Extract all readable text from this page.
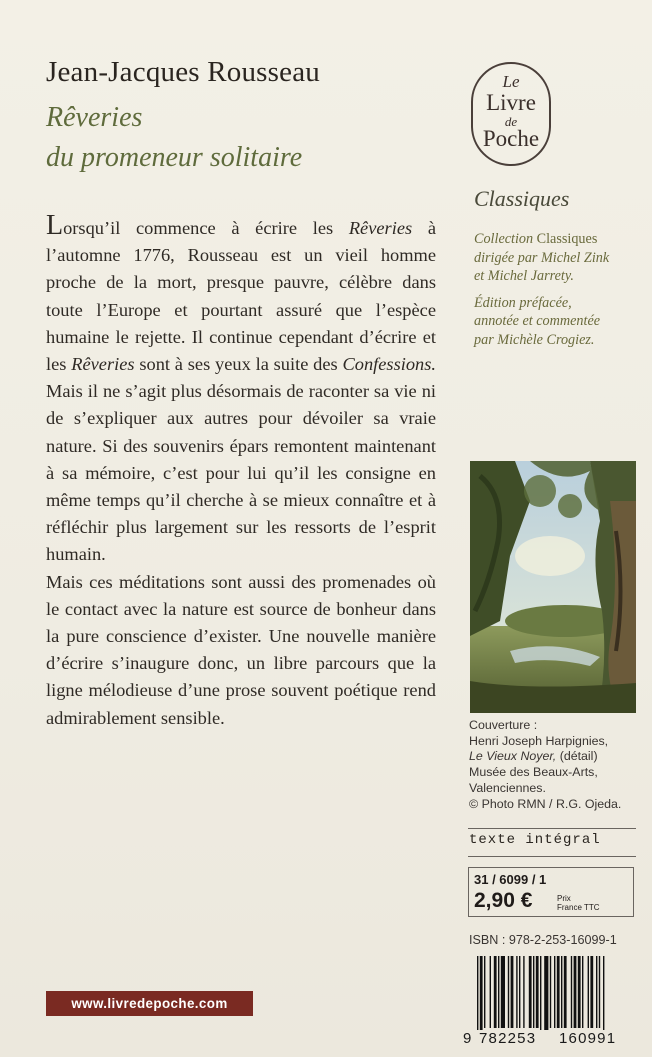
Jean-Jacques Rousseau
Rêveries
du promeneur solitaire

Lorsqu’il commence à écrire les Rêveries à l’automne 1776, Rousseau est un vieil homme proche de la mort, presque pauvre, célèbre dans toute l’Europe et pourtant assuré que l’espèce humaine le rejette. Il continue cependant d’écrire et les Rêveries sont à ses yeux la suite des Confessions. Mais il ne s’agit plus désormais de raconter sa vie ni de s’expliquer aux autres pour dévoiler sa vraie nature. Si des souvenirs épars remontent maintenant à sa mémoire, c’est pour lui qu’il les consigne en même temps qu’il cherche à se mieux connaître et à réfléchir plus largement sur les ressorts de l’esprit humain.

Mais ces méditations sont aussi des promenades où le contact avec la nature est source de bonheur dans la pure conscience d’exister. Une nouvelle manière d’écrire s’inaugure donc, un libre parcours que la ligne mélodieuse d’une prose souvent poétique rend admirablement sensible.

Le
Livre
de
Poche
Classiques
Collection Classiques
dirigée par Michel Zink
et Michel Jarrety.
Édition préfacée,
annotée et commentée
par Michèle Crogiez.
Couverture :
Henri Joseph Harpignies,
Le Vieux Noyer, (détail)
Musée des Beaux-Arts,
Valenciennes.
© Photo RMN / R.G. Ojeda.
texte intégral
31 / 6099 / 1
2,90 €	Prix
France TTC
ISBN : 978-2-253-16099-1
9 782253 160991
www.livredepoche.com
